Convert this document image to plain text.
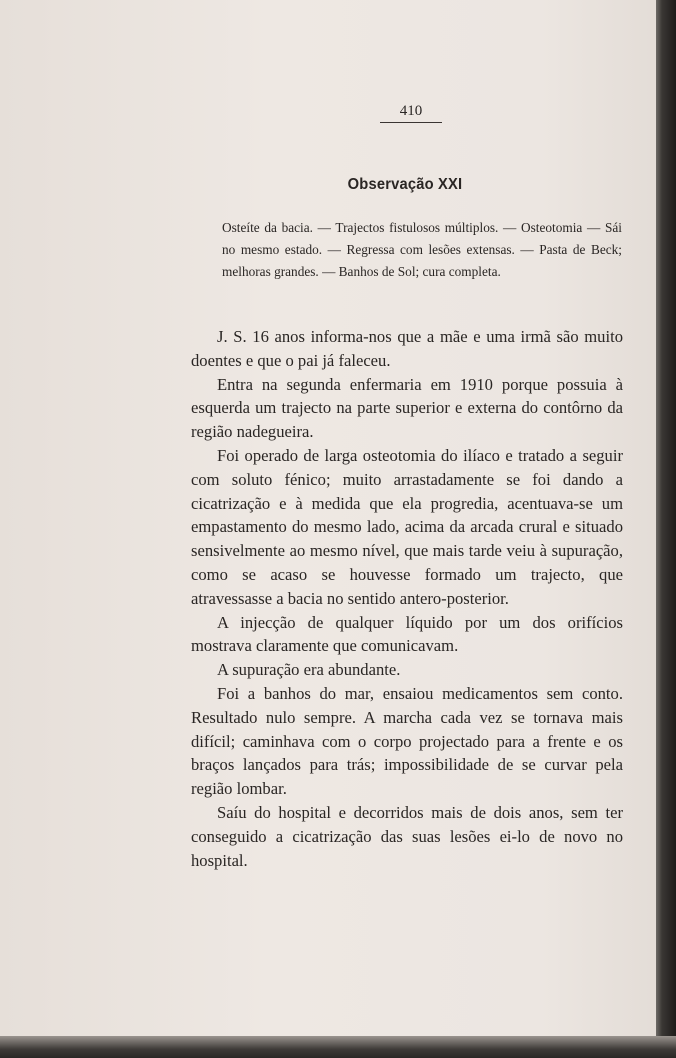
410
Observação XXI

Osteíte da bacia. — Trajectos fistulosos múltiplos. — Osteotomia — Sái no mesmo estado. — Regressa com lesões extensas. — Pasta de Beck; melhoras grandes. — Banhos de Sol; cura completa.

J. S. 16 anos informa-nos que a mãe e uma irmã são muito doentes e que o pai já faleceu.

Entra na segunda enfermaria em 1910 porque possuia à esquerda um trajecto na parte superior e externa do contôrno da região nadegueira.

Foi operado de larga osteotomia do ilíaco e tratado a seguir com soluto fénico; muito arrastadamente se foi dando a cicatrização e à medida que ela progredia, acentuava-se um empastamento do mesmo lado, acima da arcada crural e situado sensivelmente ao mesmo nível, que mais tarde veiu à supuração, como se acaso se houvesse formado um trajecto, que atravessasse a bacia no sentido antero-posterior.

A injecção de qualquer líquido por um dos orifícios mostrava claramente que comunicavam.

A supuração era abundante.

Foi a banhos do mar, ensaiou medicamentos sem conto. Resultado nulo sempre. A marcha cada vez se tornava mais difícil; caminhava com o corpo projectado para a frente e os braços lançados para trás; impossibilidade de se curvar pela região lombar.

Saíu do hospital e decorridos mais de dois anos, sem ter conseguido a cicatrização das suas lesões ei-lo de novo no hospital.
